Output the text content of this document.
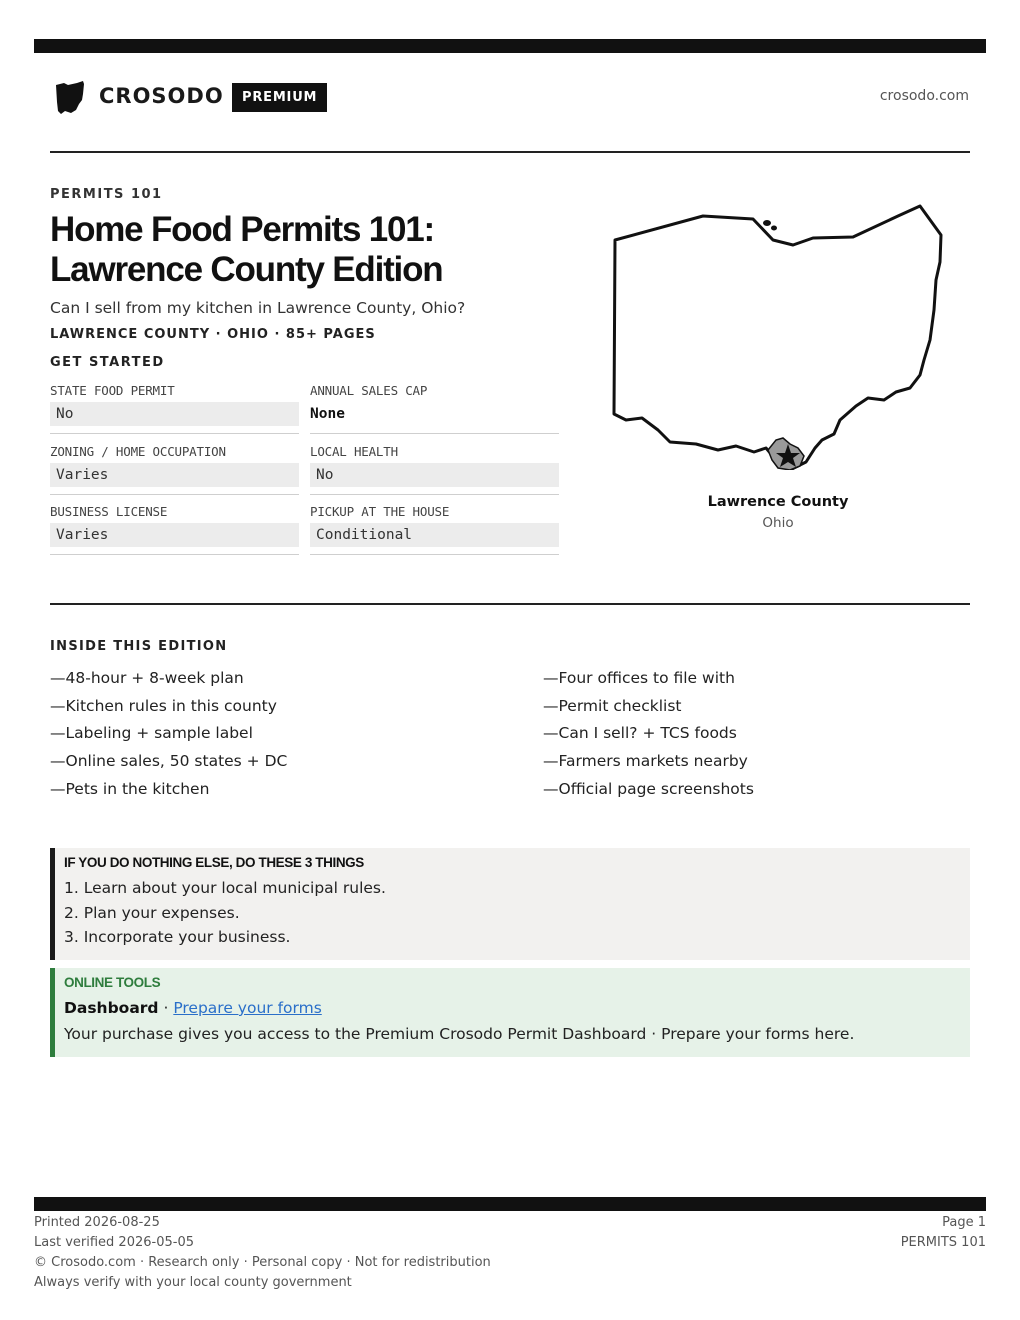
CROSODO	PREMIUM	crosodo.com
PERMITS 101
Home Food Permits 101:
Lawrence County Edition
Can I sell from my kitchen in Lawrence County, Ohio?
LAWRENCE COUNTY · OHIO · 85+ PAGES
GET STARTED
STATE FOOD PERMIT
No
ANNUAL SALES CAP
None
ZONING / HOME OCCUPATION
Varies
LOCAL HEALTH
No
BUSINESS LICENSE
Varies
PICKUP AT THE HOUSE
Conditional
Lawrence County
Ohio
INSIDE THIS EDITION
—48-hour + 8-week plan
—Kitchen rules in this county
—Labeling + sample label
—Online sales, 50 states + DC
—Pets in the kitchen
—Four offices to file with
—Permit checklist
—Can I sell? + TCS foods
—Farmers markets nearby
—Official page screenshots
IF YOU DO NOTHING ELSE, DO THESE 3 THINGS
1. Learn about your local municipal rules.
2. Plan your expenses.
3. Incorporate your business.
ONLINE TOOLS
Dashboard · Prepare your forms
Your purchase gives you access to the Premium Crosodo Permit Dashboard · Prepare your forms here.
Printed 2026-08-25
Last verified 2026-05-05
© Crosodo.com · Research only · Personal copy · Not for redistribution
Always verify with your local county government
Page 1
PERMITS 101
